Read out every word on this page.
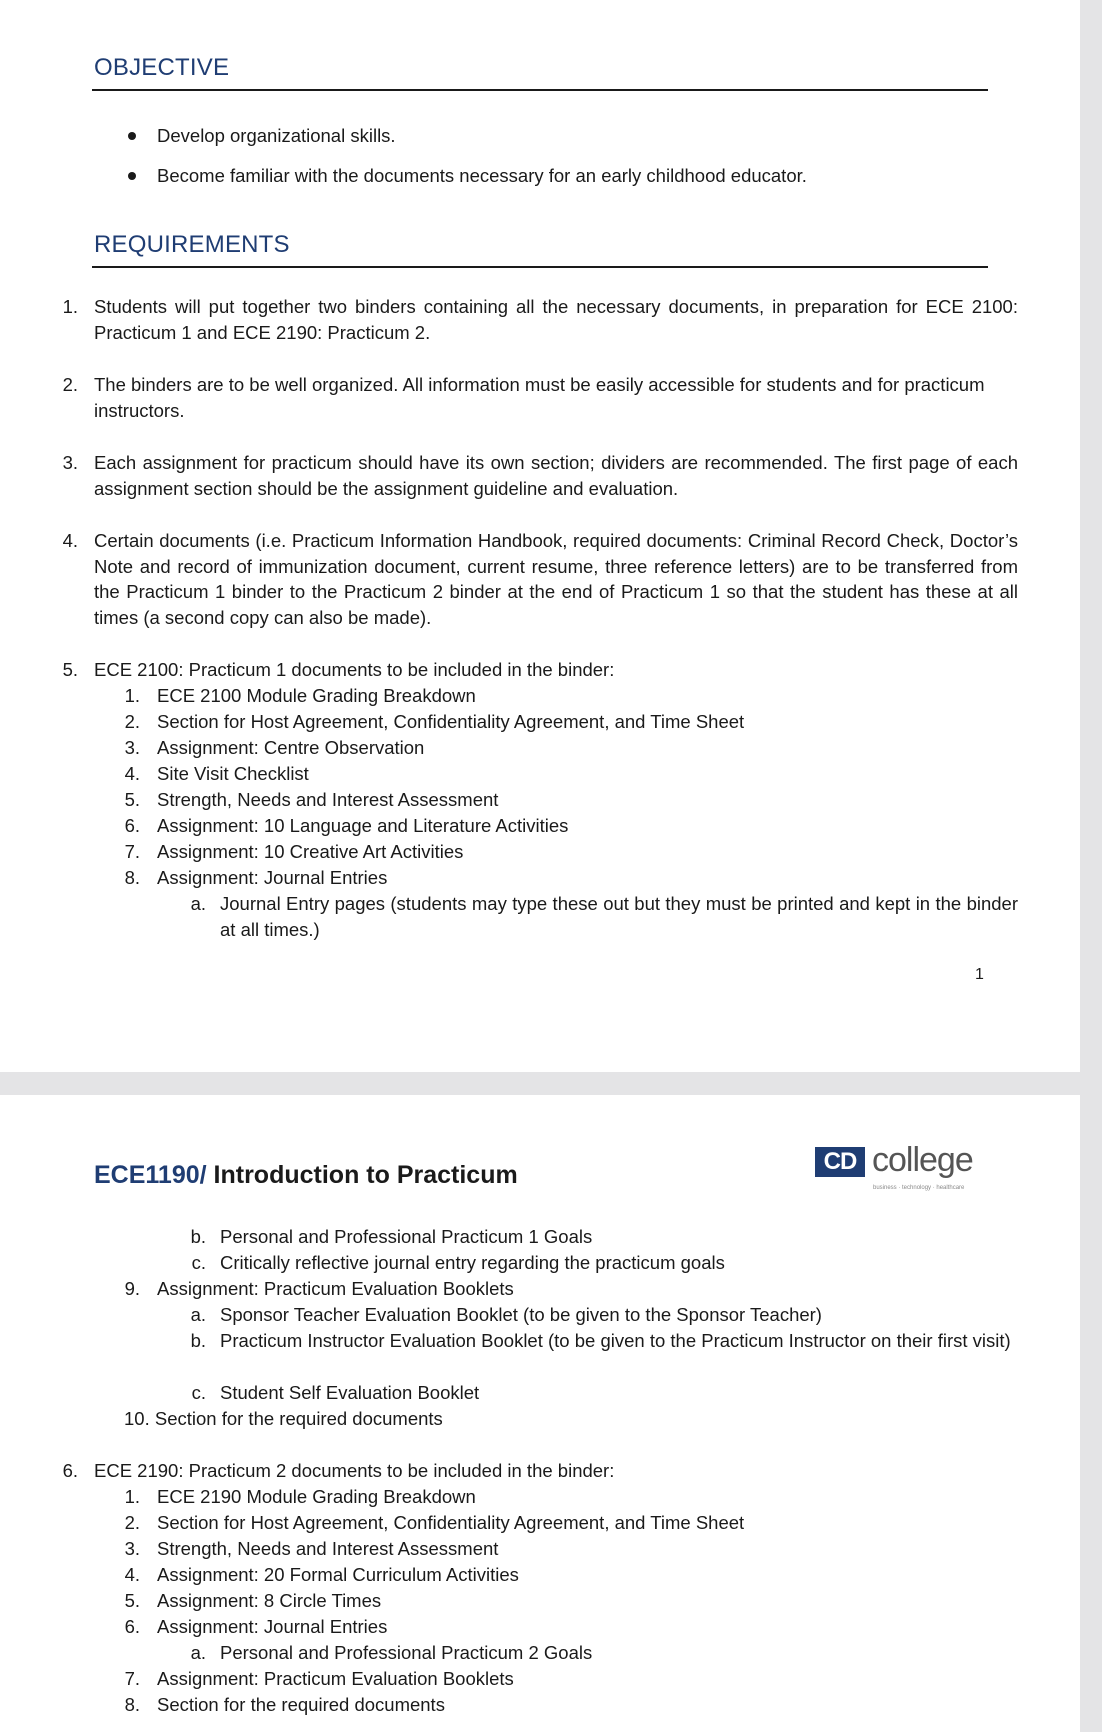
OBJECTIVE
Develop organizational skills.
Become familiar with the documents necessary for an early childhood educator.
REQUIREMENTS
1. Students will put together two binders containing all the necessary documents, in preparation for ECE 2100: Practicum 1 and ECE 2190: Practicum 2.
2. The binders are to be well organized. All information must be easily accessible for students and for practicum instructors.
3. Each assignment for practicum should have its own section; dividers are recommended. The first page of each assignment section should be the assignment guideline and evaluation.
4. Certain documents (i.e. Practicum Information Handbook, required documents: Criminal Record Check, Doctor’s Note and record of immunization document, current resume, three reference letters) are to be transferred from the Practicum 1 binder to the Practicum 2 binder at the end of Practicum 1 so that the student has these at all times (a second copy can also be made).
5. ECE 2100: Practicum 1 documents to be included in the binder:
1. ECE 2100 Module Grading Breakdown
2. Section for Host Agreement, Confidentiality Agreement, and Time Sheet
3. Assignment: Centre Observation
4. Site Visit Checklist
5. Strength, Needs and Interest Assessment
6. Assignment: 10 Language and Literature Activities
7. Assignment: 10 Creative Art Activities
8. Assignment: Journal Entries
a. Journal Entry pages (students may type these out but they must be printed and kept in the binder at all times.)
1
ECE1190/ Introduction to Practicum	CD college
business · technology · healthcare
b. Personal and Professional Practicum 1 Goals
c. Critically reflective journal entry regarding the practicum goals
9. Assignment: Practicum Evaluation Booklets
a. Sponsor Teacher Evaluation Booklet (to be given to the Sponsor Teacher)
b. Practicum Instructor Evaluation Booklet (to be given to the Practicum Instructor on their first visit)
c. Student Self Evaluation Booklet
10. Section for the required documents
6. ECE 2190: Practicum 2 documents to be included in the binder:
1. ECE 2190 Module Grading Breakdown
2. Section for Host Agreement, Confidentiality Agreement, and Time Sheet
3. Strength, Needs and Interest Assessment
4. Assignment: 20 Formal Curriculum Activities
5. Assignment: 8 Circle Times
6. Assignment: Journal Entries
a. Personal and Professional Practicum 2 Goals
7. Assignment: Practicum Evaluation Booklets
8. Section for the required documents
